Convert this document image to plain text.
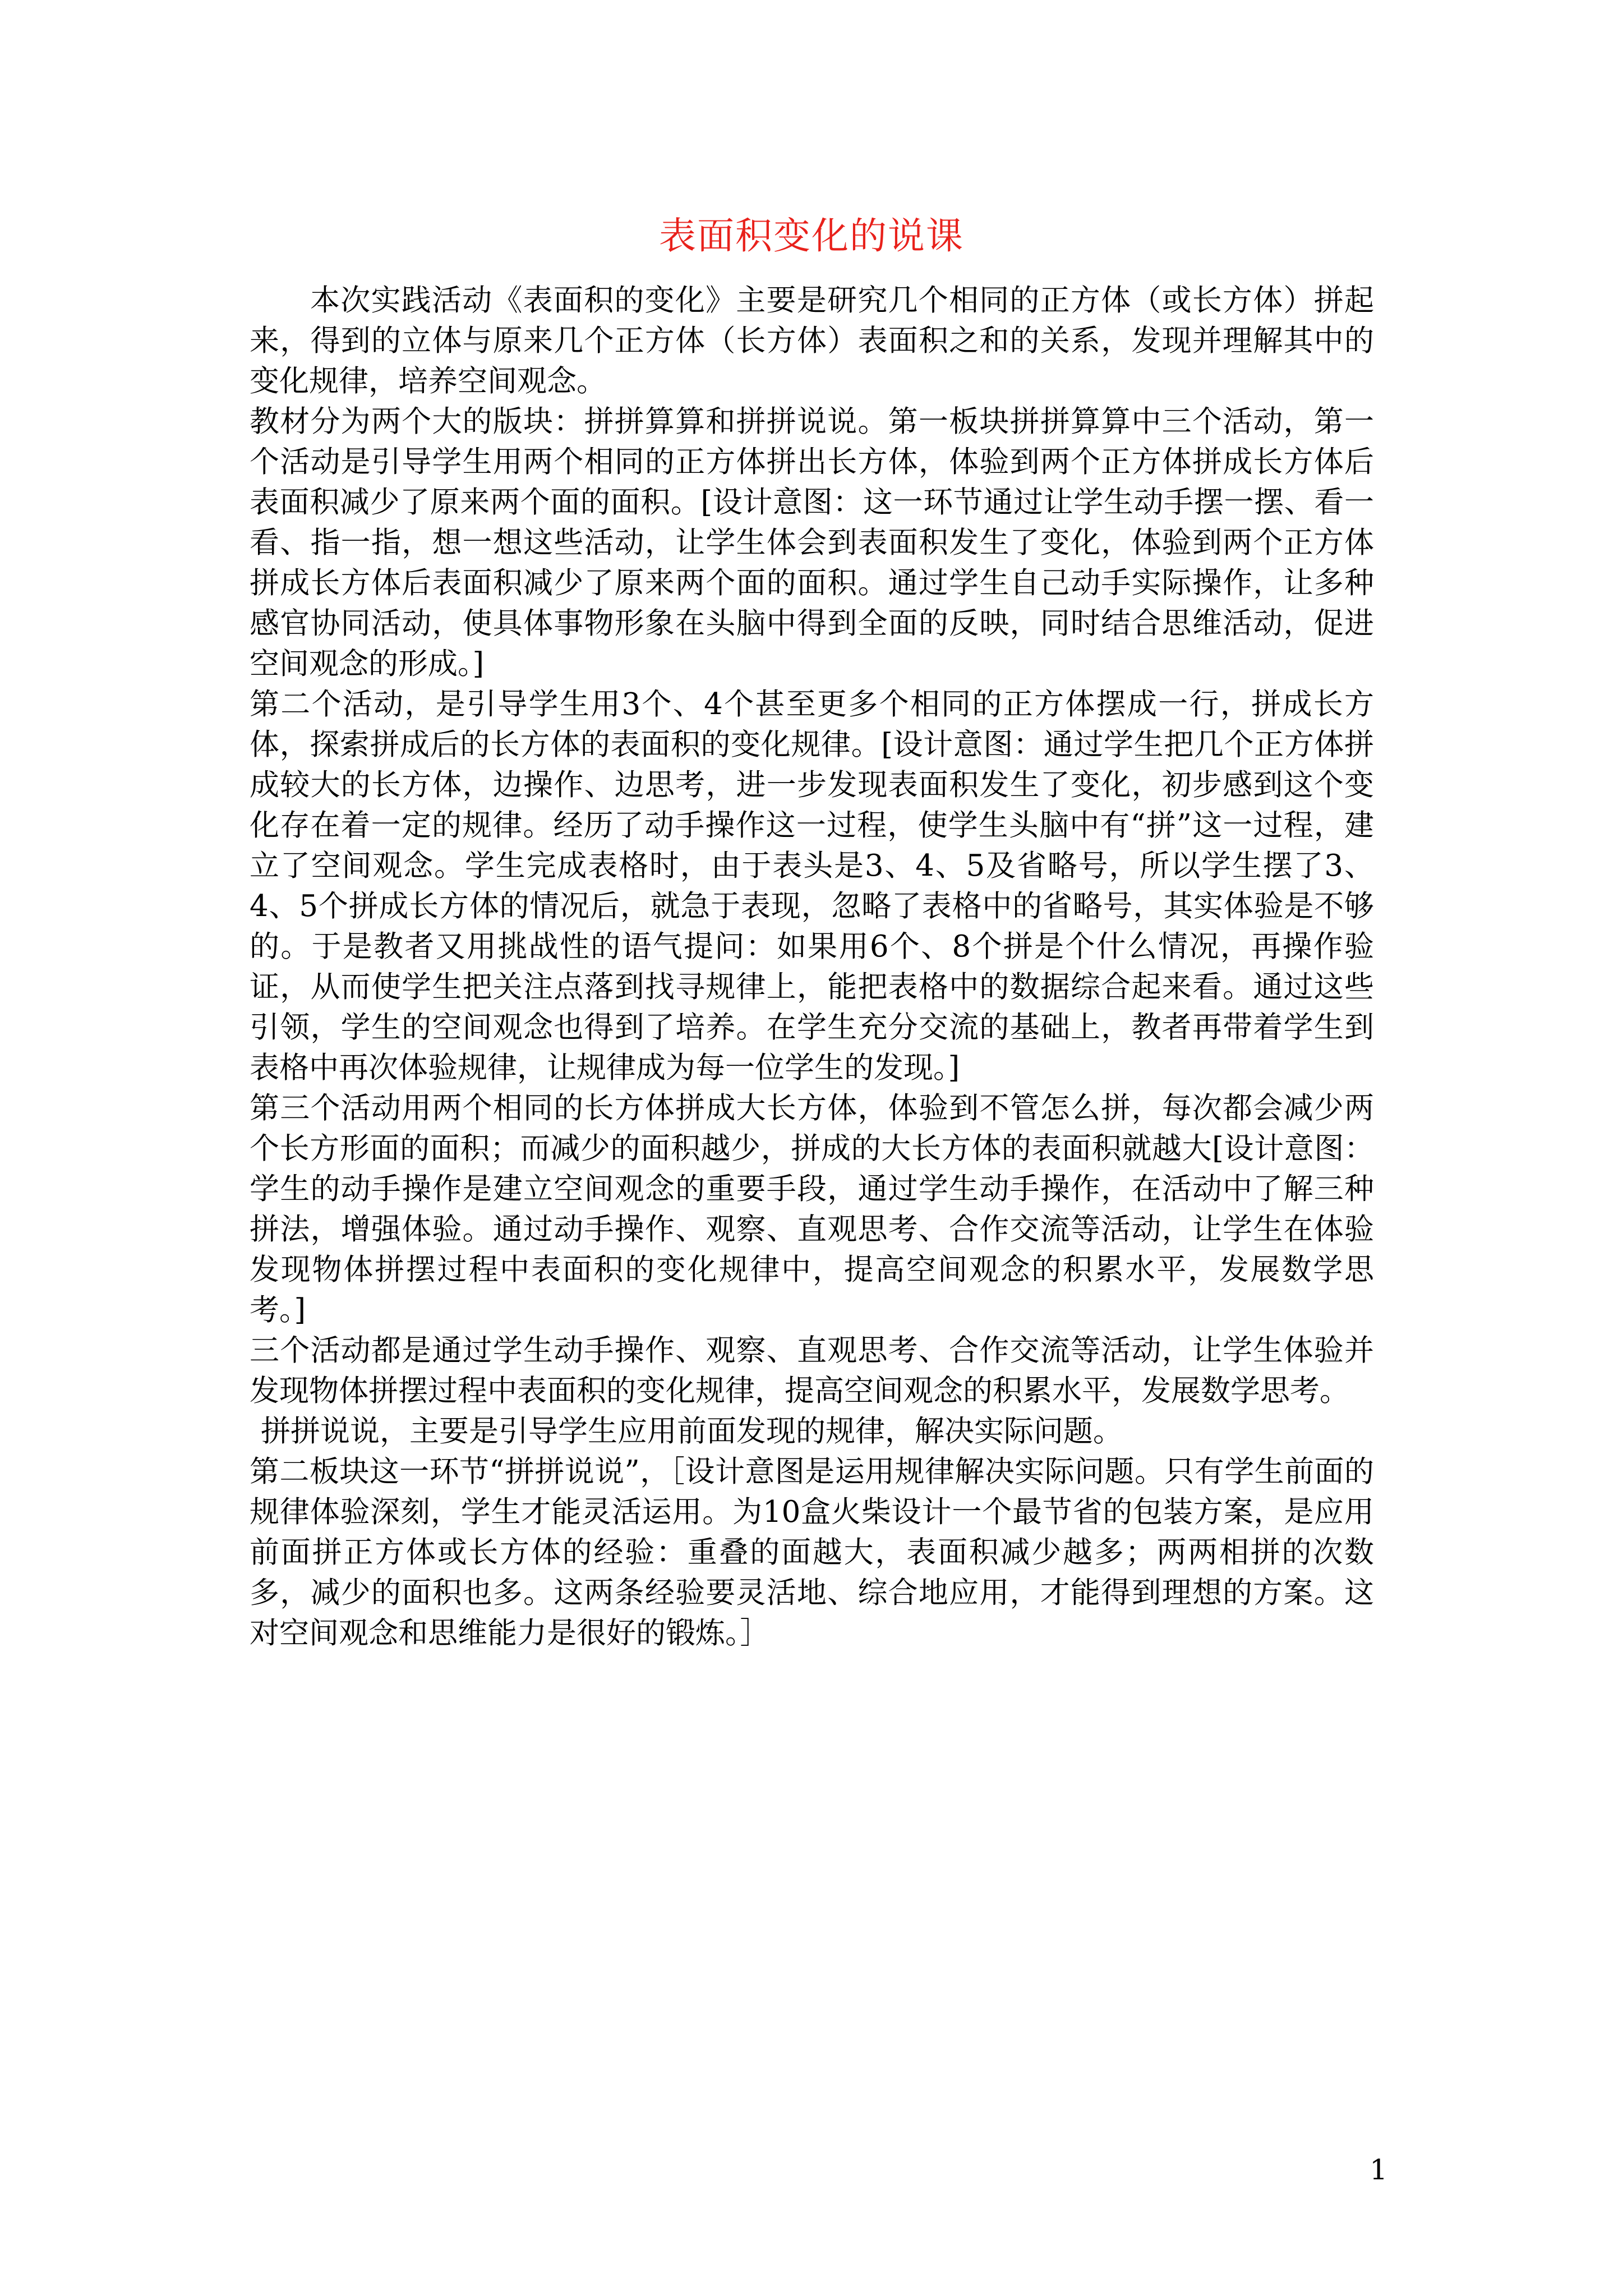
表面积变化的说课

本次实践活动《表面积的变化》主要是研究几个相同的正方体（或长方体）拼起来，得到的立体与原来几个正方体（长方体）表面积之和的关系，发现并理解其中的变化规律，培养空间观念。

教材分为两个大的版块：拼拼算算和拼拼说说。第一板块拼拼算算中三个活动，第一个活动是引导学生用两个相同的正方体拼出长方体，体验到两个正方体拼成长方体后表面积减少了原来两个面的面积。[设计意图：这一环节通过让学生动手摆一摆、看一看、指一指，想一想这些活动，让学生体会到表面积发生了变化，体验到两个正方体拼成长方体后表面积减少了原来两个面的面积。通过学生自己动手实际操作，让多种感官协同活动，使具体事物形象在头脑中得到全面的反映，同时结合思维活动，促进空间观念的形成。]

第二个活动，是引导学生用3个、4个甚至更多个相同的正方体摆成一行，拼成长方体，探索拼成后的长方体的表面积的变化规律。[设计意图：通过学生把几个正方体拼成较大的长方体，边操作、边思考，进一步发现表面积发生了变化，初步感到这个变化存在着一定的规律。经历了动手操作这一过程，使学生头脑中有“拼”这一过程，建立了空间观念。学生完成表格时，由于表头是3、4、5及省略号，所以学生摆了3、4、5个拼成长方体的情况后，就急于表现，忽略了表格中的省略号，其实体验是不够的。于是教者又用挑战性的语气提问：如果用6个、8个拼是个什么情况，再操作验证，从而使学生把关注点落到找寻规律上，能把表格中的数据综合起来看。通过这些引领，学生的空间观念也得到了培养。在学生充分交流的基础上，教者再带着学生到表格中再次体验规律，让规律成为每一位学生的发现。]

第三个活动用两个相同的长方体拼成大长方体，体验到不管怎么拼，每次都会减少两个长方形面的面积；而减少的面积越少，拼成的大长方体的表面积就越大[设计意图：学生的动手操作是建立空间观念的重要手段，通过学生动手操作，在活动中了解三种拼法，增强体验。通过动手操作、观察、直观思考、合作交流等活动，让学生在体验发现物体拼摆过程中表面积的变化规律中，提高空间观念的积累水平，发展数学思考。]

三个活动都是通过学生动手操作、观察、直观思考、合作交流等活动，让学生体验并发现物体拼摆过程中表面积的变化规律，提高空间观念的积累水平，发展数学思考。

拼拼说说，主要是引导学生应用前面发现的规律，解决实际问题。

第二板块这一环节“拼拼说说”，［设计意图是运用规律解决实际问题。只有学生前面的规律体验深刻，学生才能灵活运用。为10盒火柴设计一个最节省的包装方案，是应用前面拼正方体或长方体的经验：重叠的面越大，表面积减少越多；两两相拼的次数多，减少的面积也多。这两条经验要灵活地、综合地应用，才能得到理想的方案。这对空间观念和思维能力是很好的锻炼。］

1
